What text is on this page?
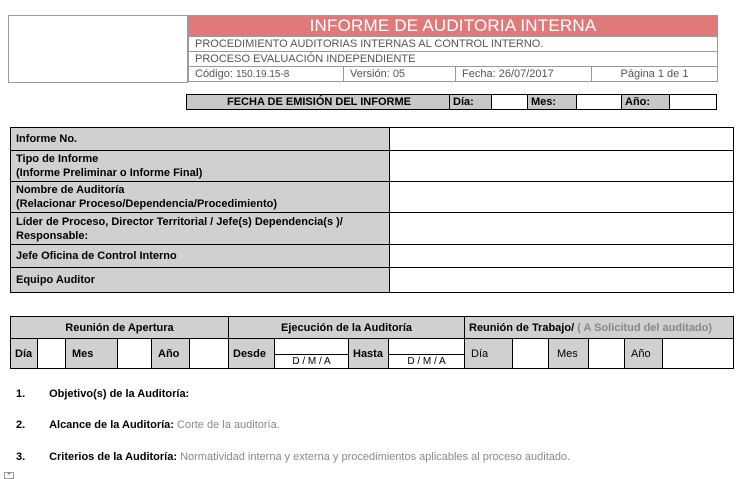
INFORME DE AUDITORIA INTERNA
PROCEDIMIENTO AUDITORIAS INTERNAS AL CONTROL INTERNO.
PROCESO EVALUACIÓN INDEPENDIENTE
Código: 150.19.15-8	Versión: 05	Fecha: 26/07/2017	Página 1 de 1
FECHA DE EMISIÓN DEL INFORME	Día:		Mes:		Año:	
Informe No.	

Tipo de Informe
(Informe Preliminar o Informe Final)	

Nombre de Auditoría
(Relacionar Proceso/Dependencia/Procedimiento)	

Líder de Proceso, Director Territorial / Jefe(s) Dependencia(s )/
Responsable:	

Jefe Oficina de Control Interno	
Equipo Auditor	
Reunión de Apertura						Ejecución de la Auditoría				Reunión de Trabajo/ ( A Solicitud del auditado)					
Día		Mes		Año		Desde		Hasta		Día		Mes		Año	
							D / M / A		D / M / A						
1. Objetivo(s) de la Auditoría:
2. Alcance de la Auditoría: Corte de la auditoría.
3. Criterios de la Auditoría: Normatividad interna y externa y procedimientos aplicables al proceso auditado.
+
